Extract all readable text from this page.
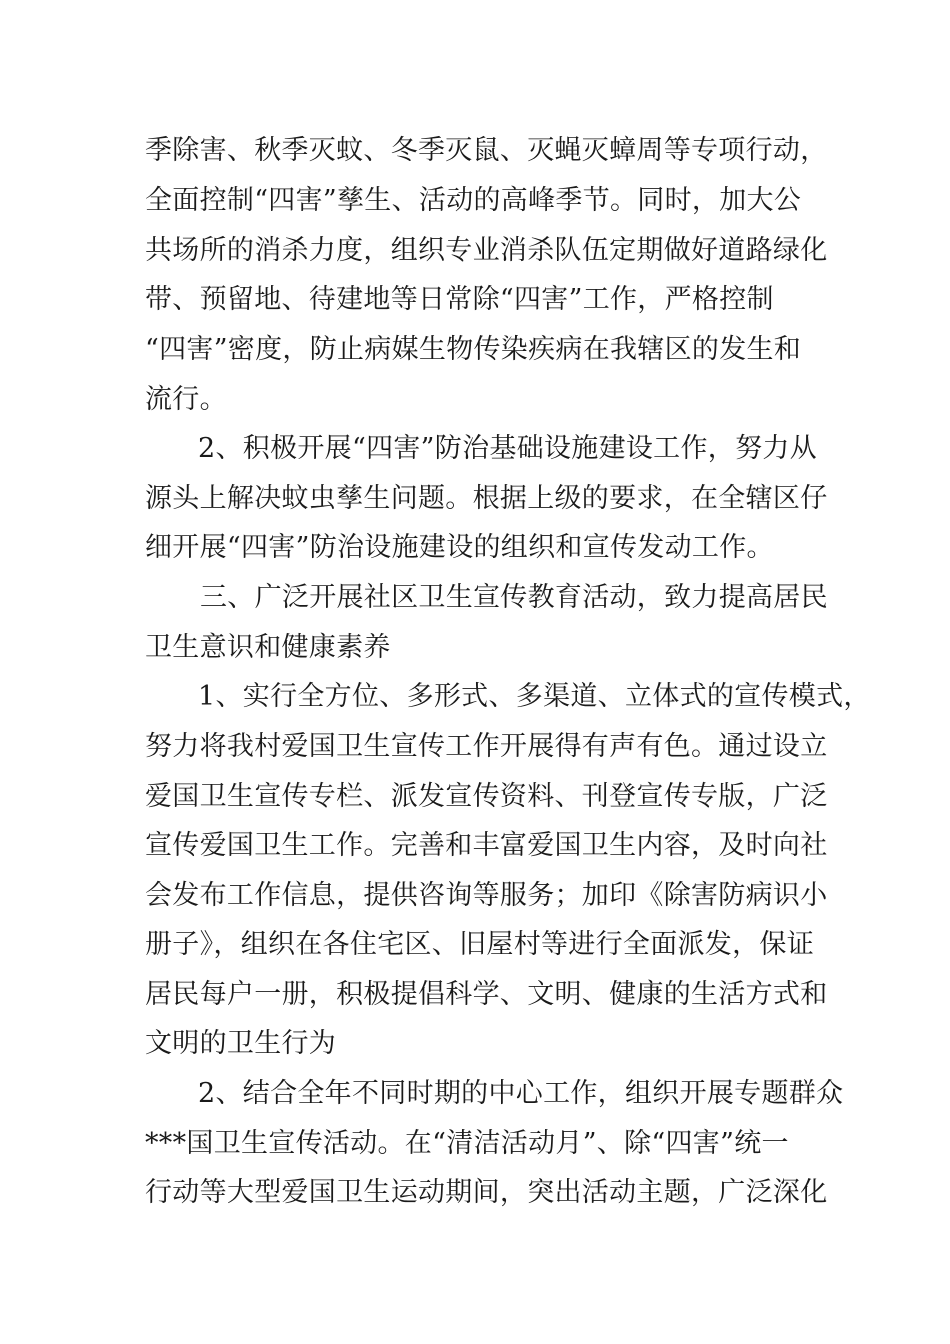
季除害、秋季灭蚊、冬季灭鼠、灭蝇灭蟑周等专项行动，
全面控制“四害”孳生、活动的高峰季节。同时，加大公
共场所的消杀力度，组织专业消杀队伍定期做好道路绿化
带、预留地、待建地等日常除“四害”工作，严格控制
“四害”密度，防止病媒生物传染疾病在我辖区的发生和
流行。
2、积极开展“四害”防治基础设施建设工作，努力从
源头上解决蚊虫孳生问题。根据上级的要求，在全辖区仔
细开展“四害”防治设施建设的组织和宣传发动工作。
三、广泛开展社区卫生宣传教育活动，致力提高居民
卫生意识和健康素养
1、实行全方位、多形式、多渠道、立体式的宣传模式，
努力将我村爱国卫生宣传工作开展得有声有色。通过设立
爱国卫生宣传专栏、派发宣传资料、刊登宣传专版，广泛
宣传爱国卫生工作。完善和丰富爱国卫生内容，及时向社
会发布工作信息，提供咨询等服务；加印《除害防病识小
册子》，组织在各住宅区、旧屋村等进行全面派发，保证
居民每户一册，积极提倡科学、文明、健康的生活方式和
文明的卫生行为
2、结合全年不同时期的中心工作，组织开展专题群众
***国卫生宣传活动。在“清洁活动月”、除“四害”统一
行动等大型爱国卫生运动期间，突出活动主题，广泛深化
